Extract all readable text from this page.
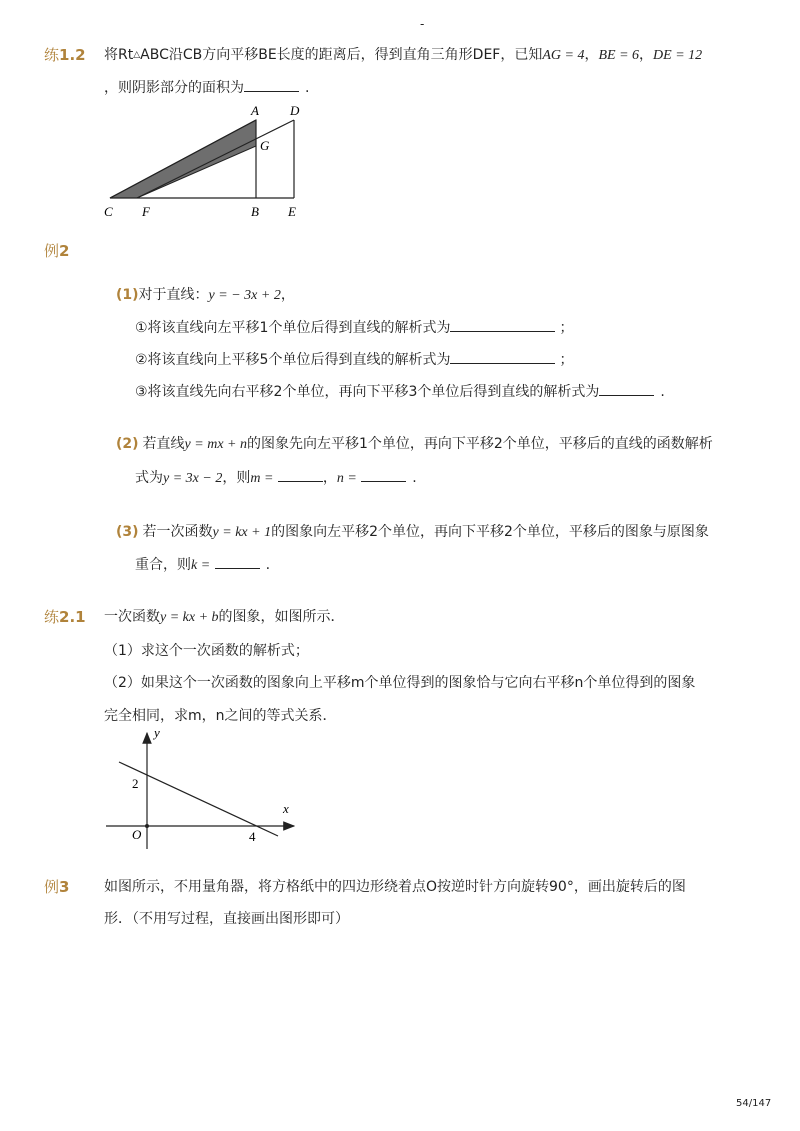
-
练1.2 将Rt△ABC沿CB方向平移BE长度的距离后，得到直角三角形DEF，已知AG = 4，BE = 6，DE = 12
，则阴影部分的面积为	.
A D
G
C F	B E
例2
(1)对于直线：y = − 3x + 2，
①将该直线向左平移1个单位后得到直线的解析式为	；
②将该直线向上平移5个单位后得到直线的解析式为	；
③将该直线先向右平移2个单位，再向下平移3个单位后得到直线的解析式为	.
(2) 若直线y = mx + n的图象先向左平移1个单位，再向下平移2个单位，平移后的直线的函数解析
式为y = 3x − 2，则m =	，n =	.
(3) 若一次函数y = kx + 1的图象向左平移2个单位，再向下平移2个单位，平移后的图象与原图象
重合，则k =	.
练2.1 一次函数y = kx + b的图象，如图所示．
（1）求这个一次函数的解析式；
（2）如果这个一次函数的图象向上平移m个单位得到的图象恰与它向右平移n个单位得到的图象
完全相同，求m，n之间的等式关系．
y
x
O
2
4
例3 如图所示，不用量角器，将方格纸中的四边形绕着点O按逆时针方向旋转90°，画出旋转后的图
形．（不用写过程，直接画出图形即可）
54/147
